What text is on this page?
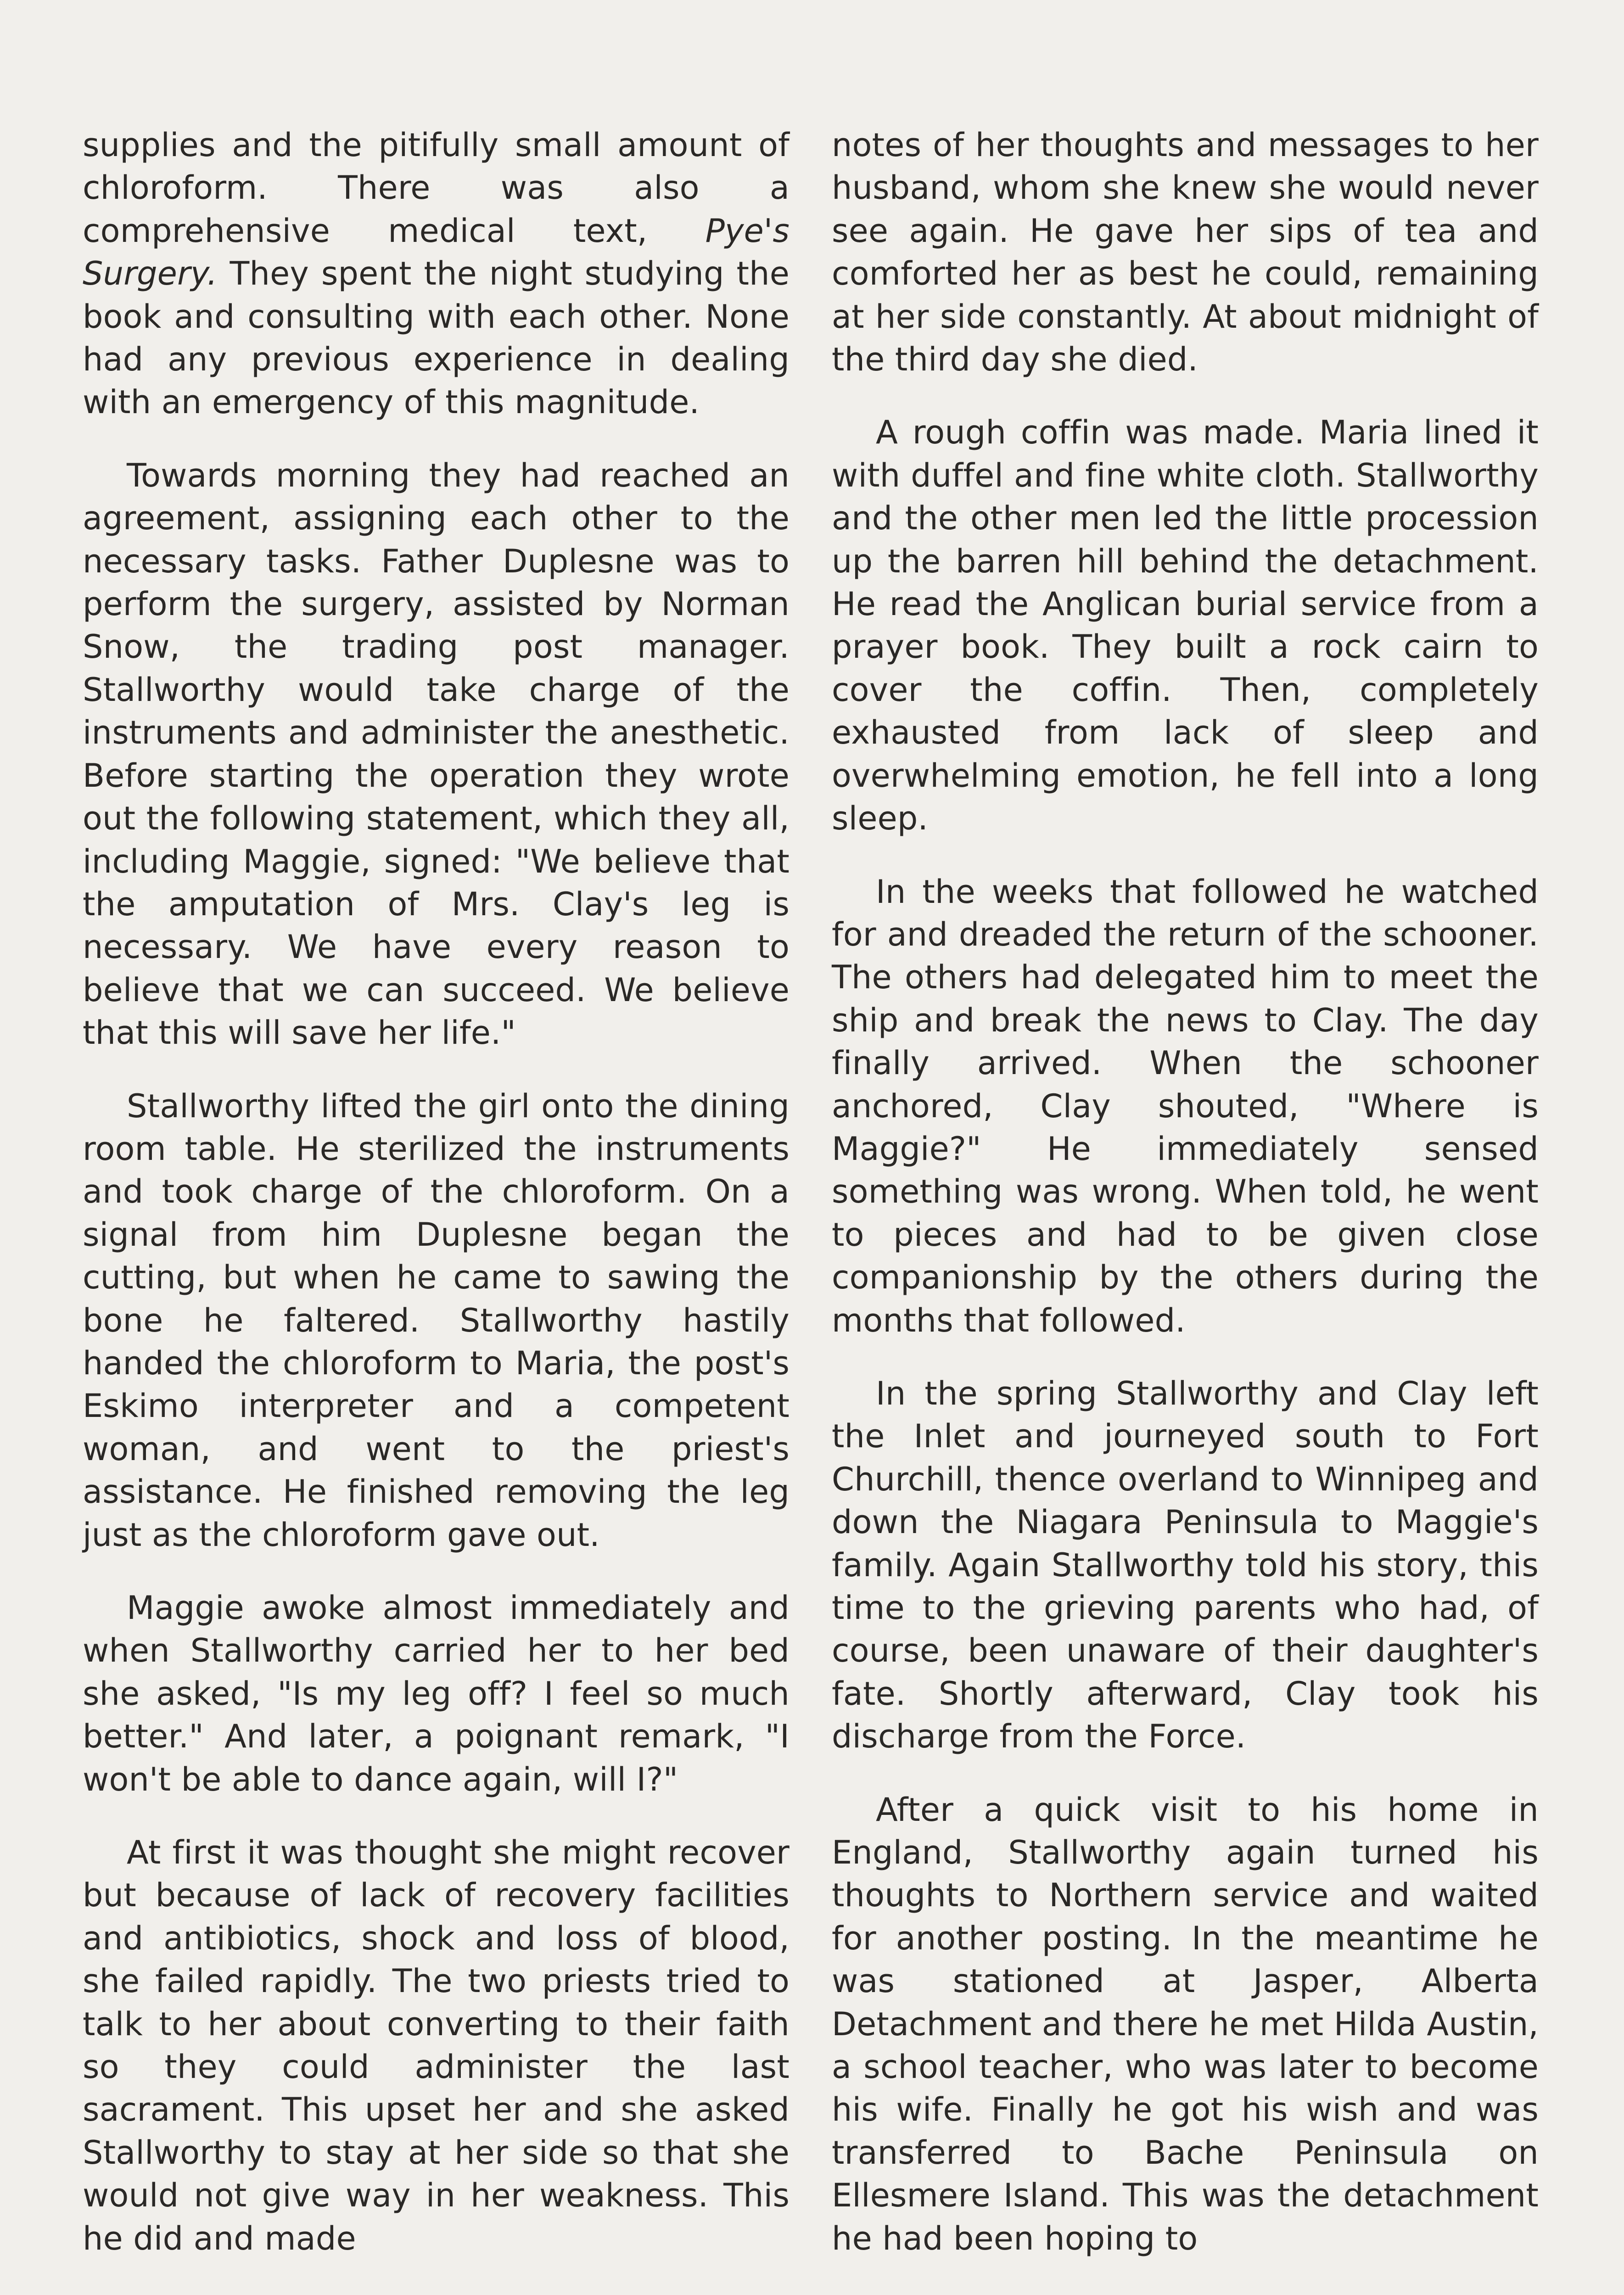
supplies and the pitifully small amount of chloroform. There was also a comprehensive medical text, Pye's Surgery. They spent the night studying the book and consulting with each other. None had any previous experience in dealing with an emergency of this magnitude.

Towards morning they had reached an agreement, assigning each other to the necessary tasks. Father Duplesne was to perform the surgery, assisted by Norman Snow, the trading post manager. Stallworthy would take charge of the instruments and administer the anesthetic. Before starting the operation they wrote out the following statement, which they all, including Maggie, signed: "We believe that the amputation of Mrs. Clay's leg is necessary. We have every reason to believe that we can succeed. We believe that this will save her life."

Stallworthy lifted the girl onto the dining room table. He sterilized the instruments and took charge of the chloroform. On a signal from him Duplesne began the cutting, but when he came to sawing the bone he faltered. Stallworthy hastily handed the chloroform to Maria, the post's Eskimo interpreter and a competent woman, and went to the priest's assistance. He finished removing the leg just as the chloroform gave out.

Maggie awoke almost immediately and when Stallworthy carried her to her bed she asked, "Is my leg off? I feel so much better." And later, a poignant remark, "I won't be able to dance again, will I?"

At first it was thought she might recover but because of lack of recovery facilities and antibiotics, shock and loss of blood, she failed rapidly. The two priests tried to talk to her about converting to their faith so they could administer the last sacrament. This upset her and she asked Stallworthy to stay at her side so that she would not give way in her weakness. This he did and made

notes of her thoughts and messages to her husband, whom she knew she would never see again. He gave her sips of tea and comforted her as best he could, remaining at her side constantly. At about midnight of the third day she died.

A rough coffin was made. Maria lined it with duffel and fine white cloth. Stallworthy and the other men led the little procession up the barren hill behind the detachment. He read the Anglican burial service from a prayer book. They built a rock cairn to cover the coffin. Then, completely exhausted from lack of sleep and overwhelming emotion, he fell into a long sleep.

In the weeks that followed he watched for and dreaded the return of the schooner. The others had delegated him to meet the ship and break the news to Clay. The day finally arrived. When the schooner anchored, Clay shouted, "Where is Maggie?" He immediately sensed something was wrong. When told, he went to pieces and had to be given close companionship by the others during the months that followed.

In the spring Stallworthy and Clay left the Inlet and journeyed south to Fort Churchill, thence overland to Winnipeg and down the Niagara Peninsula to Maggie's family. Again Stallworthy told his story, this time to the grieving parents who had, of course, been unaware of their daughter's fate. Shortly afterward, Clay took his discharge from the Force.

After a quick visit to his home in England, Stallworthy again turned his thoughts to Northern service and waited for another posting. In the meantime he was stationed at Jasper, Alberta Detachment and there he met Hilda Austin, a school teacher, who was later to become his wife. Finally he got his wish and was transferred to Bache Peninsula on Ellesmere Island. This was the detachment he had been hoping to
